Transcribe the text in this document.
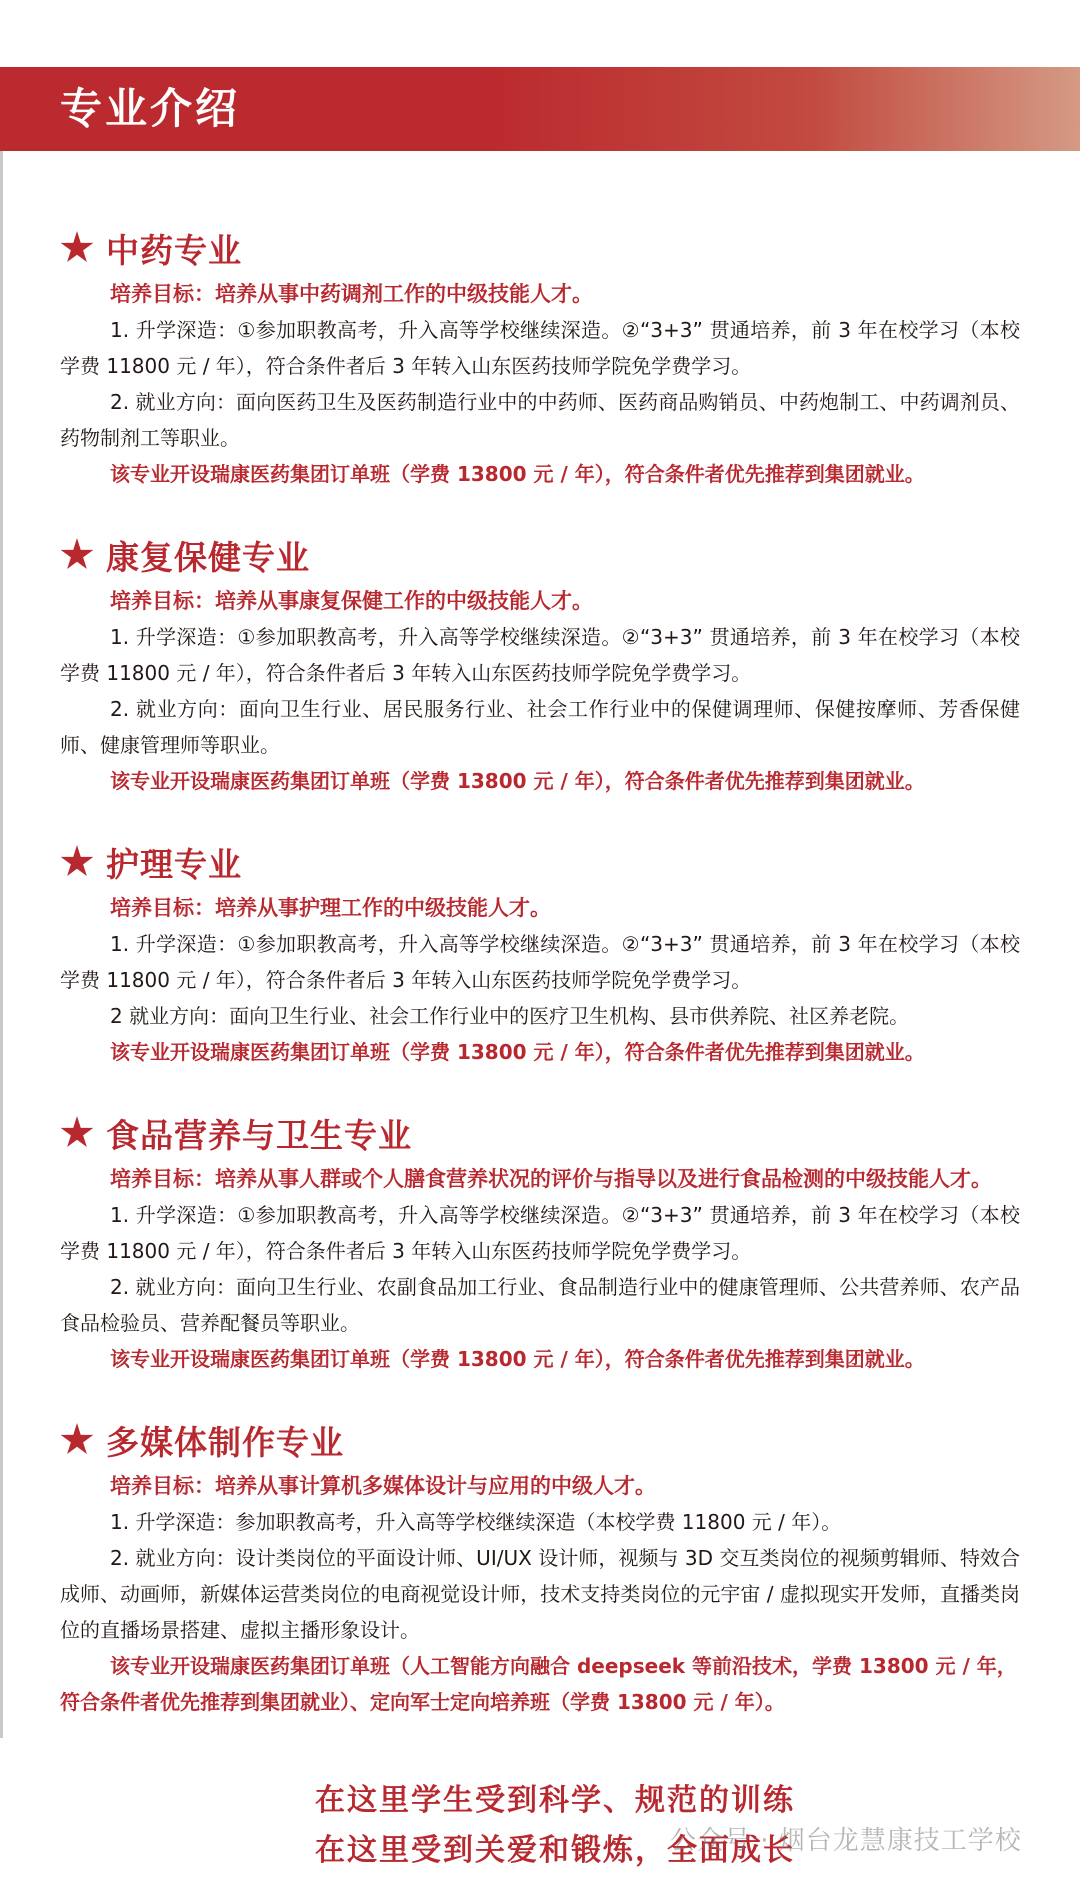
专业介绍
中药专业
培养目标： 培养从事中药调剂工作的中级技能人才。
1. 升学深造：①参加职教高考，升入高等学校继续深造。②“3+3” 贯通培养，前 3 年在校学习（本校学费 11800 元 / 年），符合条件者后 3 年转入山东医药技师学院免学费学习。
2. 就业方向：面向医药卫生及医药制造行业中的中药师、医药商品购销员、中药炮制工、中药调剂员、药物制剂工等职业。
该专业开设瑞康医药集团订单班（学费 13800 元 / 年），符合条件者优先推荐到集团就业。
康复保健专业
培养目标： 培养从事康复保健工作的中级技能人才。
1. 升学深造：①参加职教高考，升入高等学校继续深造。②“3+3” 贯通培养，前 3 年在校学习（本校学费 11800 元 / 年），符合条件者后 3 年转入山东医药技师学院免学费学习。
2. 就业方向：面向卫生行业、居民服务行业、社会工作行业中的保健调理师、保健按摩师、芳香保健师、健康管理师等职业。
该专业开设瑞康医药集团订单班（学费 13800 元 / 年），符合条件者优先推荐到集团就业。
护理专业
培养目标： 培养从事护理工作的中级技能人才。
1. 升学深造：①参加职教高考，升入高等学校继续深造。②“3+3” 贯通培养，前 3 年在校学习（本校学费 11800 元 / 年），符合条件者后 3 年转入山东医药技师学院免学费学习。
2 就业方向：面向卫生行业、社会工作行业中的医疗卫生机构、县市供养院、社区养老院。
该专业开设瑞康医药集团订单班（学费 13800 元 / 年），符合条件者优先推荐到集团就业。
食品营养与卫生专业
培养目标： 培养从事人群或个人膳食营养状况的评价与指导以及进行食品检测的中级技能人才。
1. 升学深造：①参加职教高考，升入高等学校继续深造。②“3+3” 贯通培养，前 3 年在校学习（本校学费 11800 元 / 年），符合条件者后 3 年转入山东医药技师学院免学费学习。
2. 就业方向：面向卫生行业、农副食品加工行业、食品制造行业中的健康管理师、公共营养师、农产品食品检验员、营养配餐员等职业。
该专业开设瑞康医药集团订单班（学费 13800 元 / 年），符合条件者优先推荐到集团就业。
多媒体制作专业
培养目标： 培养从事计算机多媒体设计与应用的中级人才。
1. 升学深造：参加职教高考，升入高等学校继续深造（本校学费 11800 元 / 年）。
2. 就业方向：设计类岗位的平面设计师、UI/UX 设计师，视频与 3D 交互类岗位的视频剪辑师、特效合成师、动画师，新媒体运营类岗位的电商视觉设计师，技术支持类岗位的元宇宙 / 虚拟现实开发师，直播类岗位的直播场景搭建、虚拟主播形象设计。
该专业开设瑞康医药集团订单班（人工智能方向融合 deepseek 等前沿技术，学费 13800 元 / 年，符合条件者优先推荐到集团就业）、定向军士定向培养班（学费 13800 元 / 年）。
在这里学生受到科学、规范的训练
在这里受到关爱和锻炼，全面成长
公众号 · 烟台龙慧康技工学校
